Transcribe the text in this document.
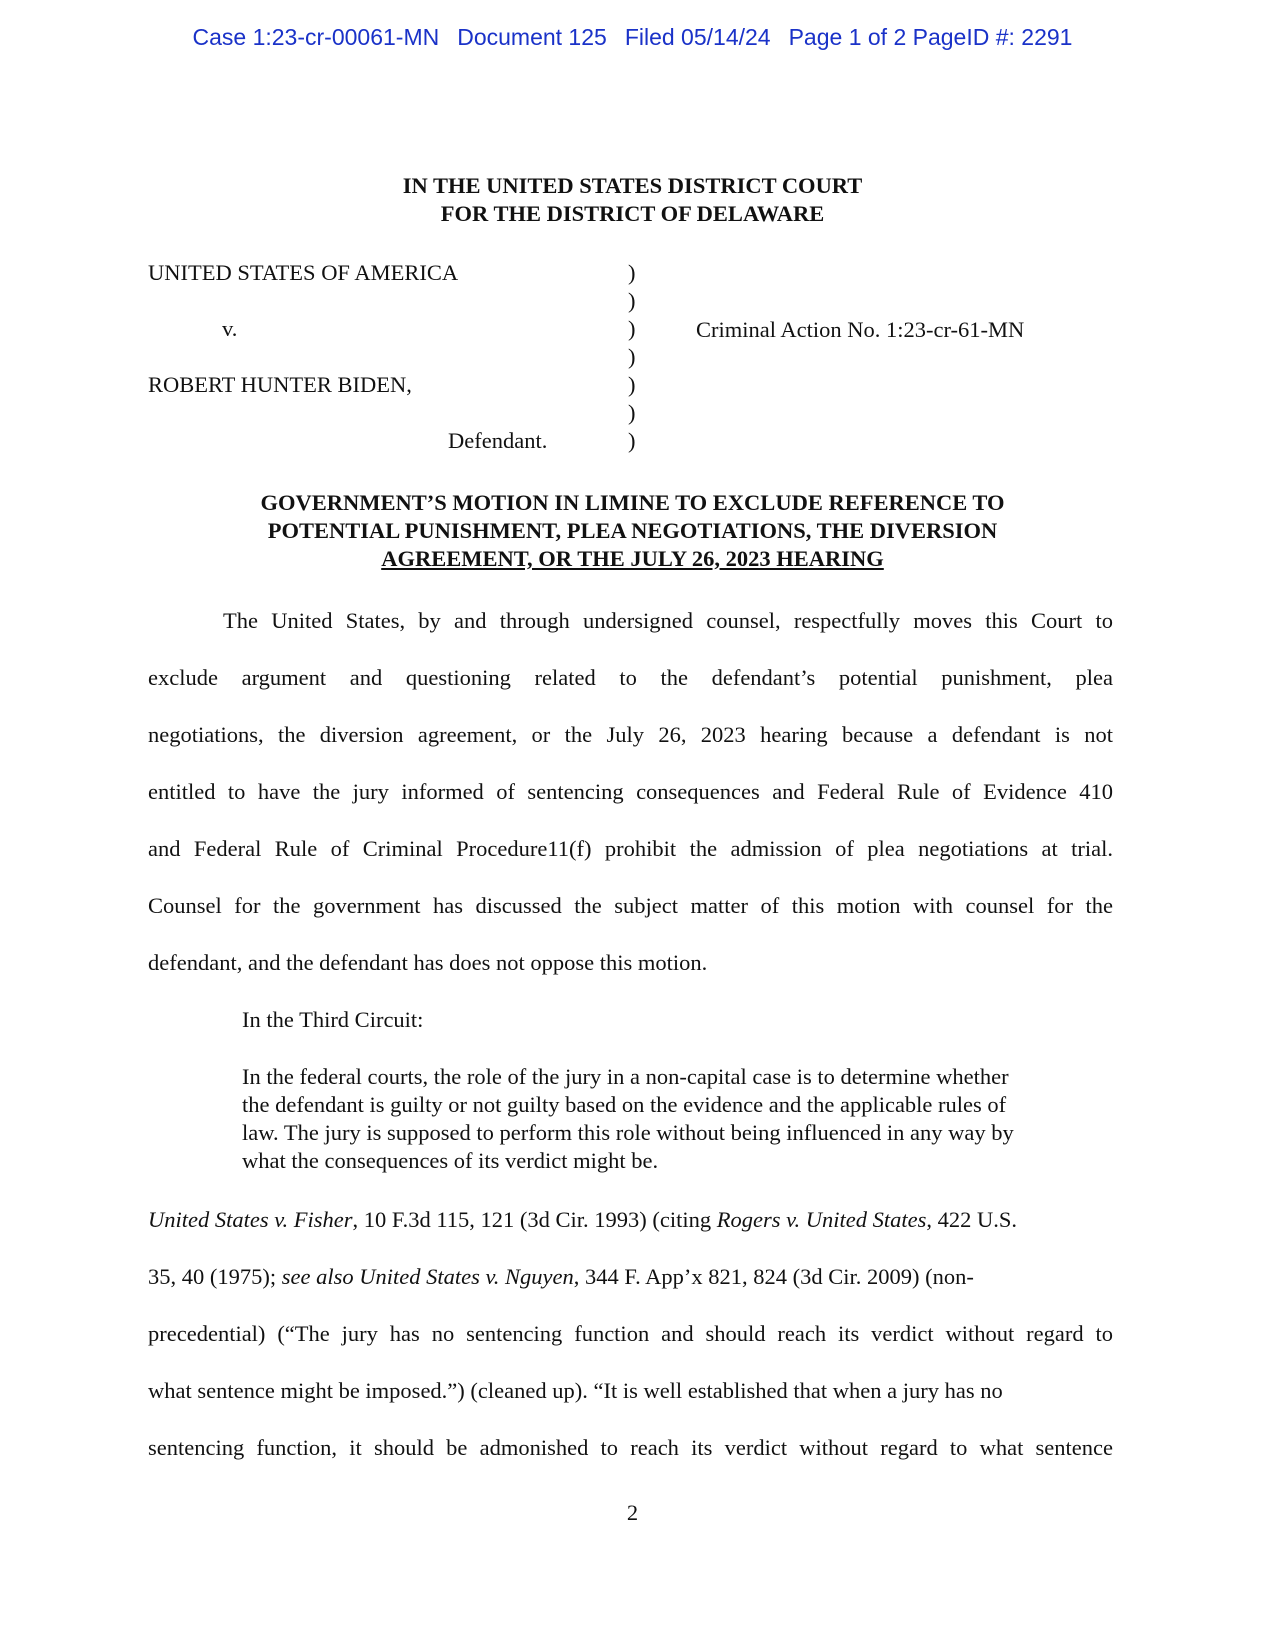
Case 1:23-cr-00061-MN Document 125 Filed 05/14/24 Page 1 of 2 PageID #: 2291
IN THE UNITED STATES DISTRICT COURT
FOR THE DISTRICT OF DELAWARE
UNITED STATES OF AMERICA
v.
ROBERT HUNTER BIDEN,
Defendant.
)
)
)
)
)
)
)
Criminal Action No. 1:23-cr-61-MN
GOVERNMENT’S MOTION IN LIMINE TO EXCLUDE REFERENCE TO
POTENTIAL PUNISHMENT, PLEA NEGOTIATIONS, THE DIVERSION
AGREEMENT, OR THE JULY 26, 2023 HEARING
The United States, by and through undersigned counsel, respectfully moves this Court to
exclude argument and questioning related to the defendant’s potential punishment, plea
negotiations, the diversion agreement, or the July 26, 2023 hearing because a defendant is not
entitled to have the jury informed of sentencing consequences and Federal Rule of Evidence 410
and Federal Rule of Criminal Procedure11(f) prohibit the admission of plea negotiations at trial.
Counsel for the government has discussed the subject matter of this motion with counsel for the
defendant, and the defendant has does not oppose this motion.
In the Third Circuit:
In the federal courts, the role of the jury in a non-capital case is to determine whether
the defendant is guilty or not guilty based on the evidence and the applicable rules of
law. The jury is supposed to perform this role without being influenced in any way by
what the consequences of its verdict might be.
United States v. Fisher, 10 F.3d 115, 121 (3d Cir. 1993) (citing Rogers v. United States, 422 U.S.
35, 40 (1975); see also United States v. Nguyen, 344 F. App’x 821, 824 (3d Cir. 2009) (non-
precedential) (“The jury has no sentencing function and should reach its verdict without regard to
what sentence might be imposed.”) (cleaned up). “It is well established that when a jury has no
sentencing function, it should be admonished to reach its verdict without regard to what sentence
2
